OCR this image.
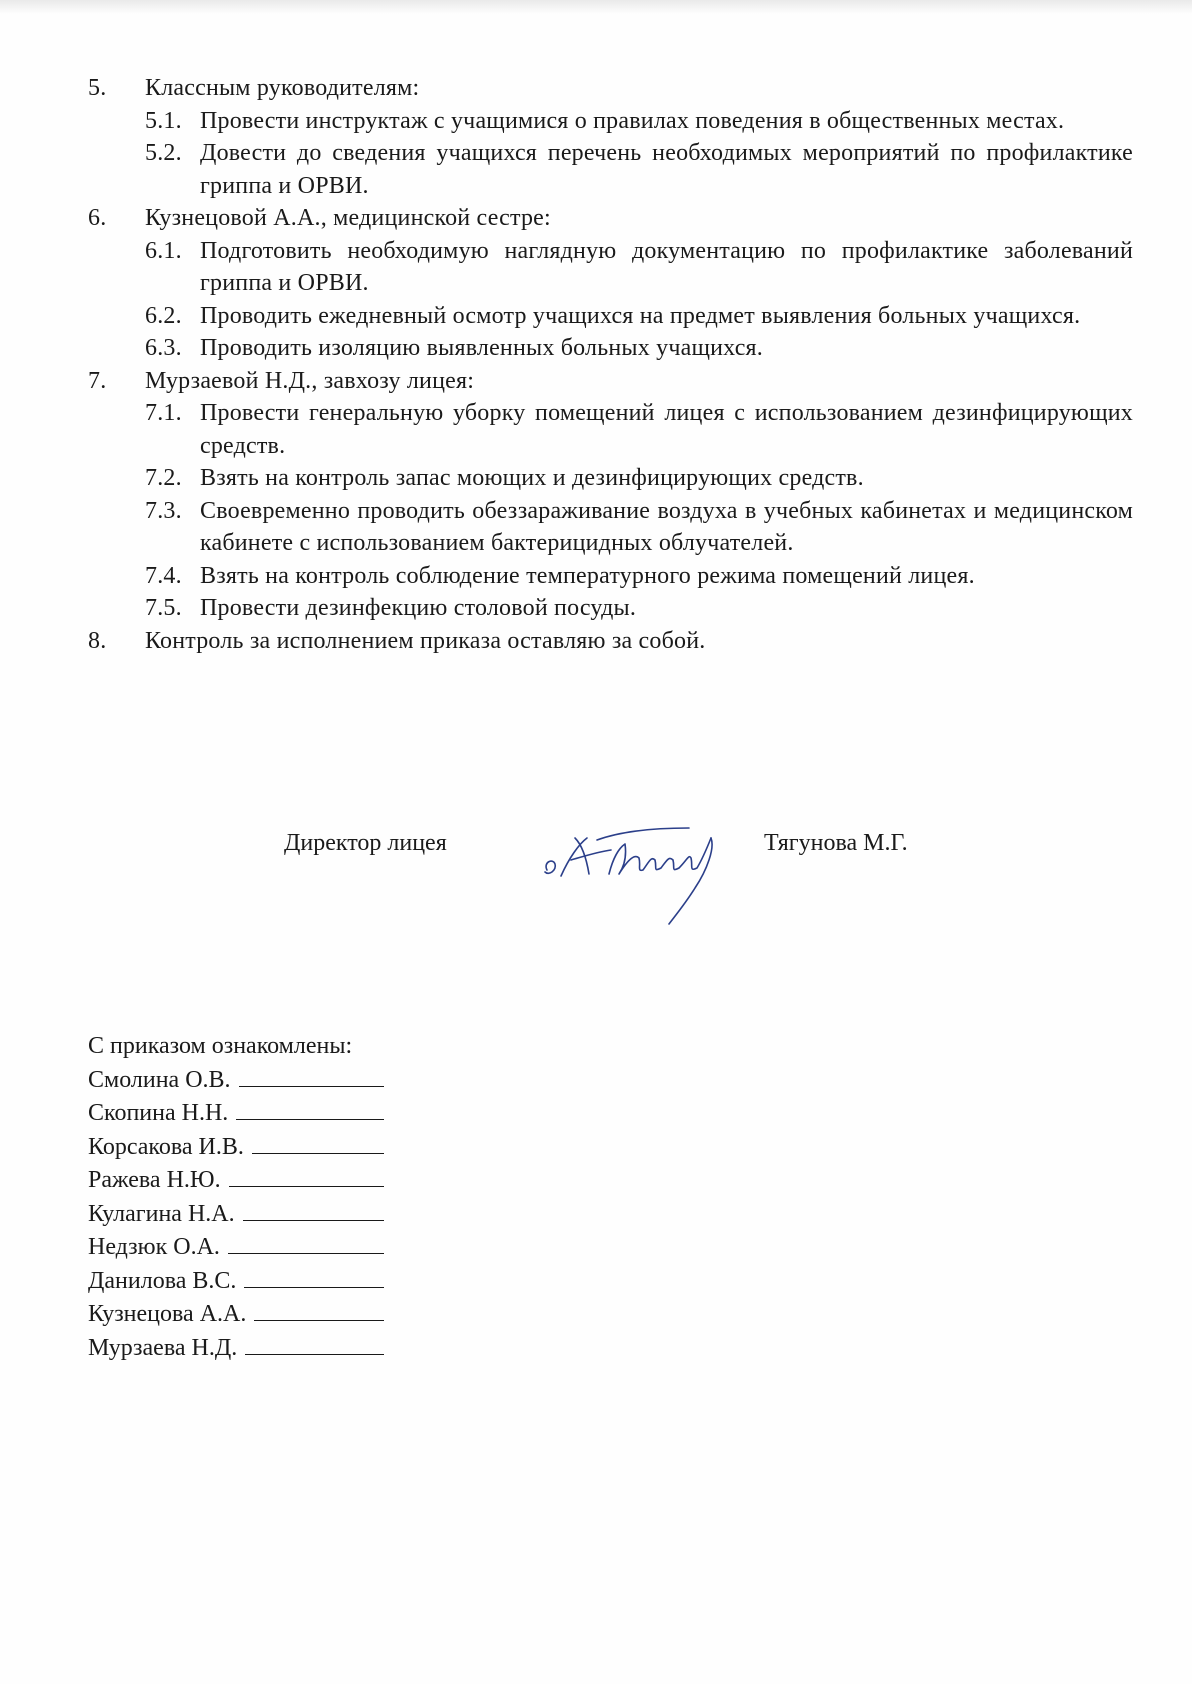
5.	Классным руководителям:
5.1. Провести инструктаж с учащимися о правилах поведения в общественных местах.
5.2. Довести до сведения учащихся перечень необходимых мероприятий по профилактике гриппа и ОРВИ.
6.	Кузнецовой А.А., медицинской сестре:
6.1. Подготовить необходимую наглядную документацию по профилактике заболеваний гриппа и ОРВИ.
6.2. Проводить ежедневный осмотр учащихся на предмет выявления больных учащихся.
6.3. Проводить изоляцию выявленных больных учащихся.
7.	Мурзаевой Н.Д., завхозу лицея:
7.1. Провести генеральную уборку помещений лицея с использованием дезинфицирующих средств.
7.2. Взять на контроль запас моющих и дезинфицирующих средств.
7.3. Своевременно проводить обеззараживание воздуха в учебных кабинетах и медицинском кабинете с использованием бактерицидных облучателей.
7.4. Взять на контроль соблюдение температурного режима помещений лицея.
7.5. Провести дезинфекцию столовой посуды.
8.	Контроль за исполнением приказа оставляю за собой.
Директор лицея	Тягунова М.Г.
С приказом ознакомлены:
Смолина О.В.
Скопина Н.Н.
Корсакова И.В.
Ражева Н.Ю.
Кулагина Н.А.
Недзюк О.А.
Данилова В.С.
Кузнецова А.А.
Мурзаева Н.Д.
